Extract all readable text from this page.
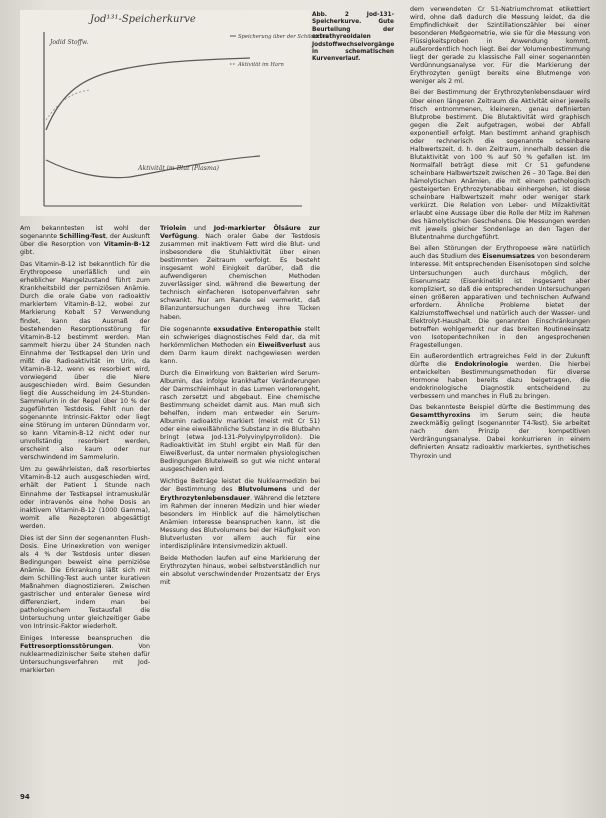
Jod¹³¹-Speicherkurve
Jodid Stoffw.
Speicherung über der Schilddrüse
Aktivität im Harn
Aktivität im Blut (Plasma)
Abb. 2 Jod-131-Speicherkurve. Gute Beurteilung der extrathyreoidalen Jodstoffwechselvorgänge in schematischen Kurvenverlauf.

Am bekanntesten ist wohl der sogenannte Schilling-Test, der Auskunft über die Resorption von Vitamin-B-12 gibt.

Das Vitamin-B-12 ist bekanntlich für die Erythropoese unerläßlich und ein erheblicher Mangelzustand führt zum Krankheitsbild der perniziösen Anämie. Durch die orale Gabe von radioaktiv markiertem Vitamin-B-12, wobei zur Markierung Kobalt 57 Verwendung findet, kann das Ausmaß der bestehenden Resorptionsstörung für Vitamin-B-12 bestimmt werden. Man sammelt hierzu über 24 Stunden nach Einnahme der Testkapsel den Urin und mißt die Radioaktivität im Urin, da Vitamin-B-12, wenn es resorbiert wird, vorwiegend über die Niere ausgeschieden wird. Beim Gesunden liegt die Ausscheidung im 24-Stunden-Sammelurin in der Regel über 10 % der zugeführten Testdosis. Fehlt nun der sogenannte Intrinsic-Faktor oder liegt eine Störung im unteren Dünndarm vor, so kann Vitamin-B-12 nicht oder nur unvollständig resorbiert werden, erscheint also kaum oder nur verschwindend im Sammelurin.

Um zu gewährleisten, daß resorbiertes Vitamin-B-12 auch ausgeschieden wird, erhält der Patient 1 Stunde nach Einnahme der Testkapsel intramuskulär oder intravenös eine hohe Dosis an inaktivem Vitamin-B-12 (1000 Gamma), womit alle Rezeptoren abgesättigt werden.

Dies ist der Sinn der sogenannten Flush-Dosis. Eine Urinexkretion von weniger als 4 % der Testdosis unter diesen Bedingungen beweist eine perniziöse Anämie. Die Erkrankung läßt sich mit dem Schilling-Test auch unter kurativen Maßnahmen diagnostizieren. Zwischen gastrischer und enteraler Genese wird differenziert, indem man bei pathologischem Testausfall die Untersuchung unter gleichzeitiger Gabe von Intrinsic-Faktor wiederholt.

Einiges Interesse beanspruchen die Fettresorptionsstörungen. Von nuklearmedizinischer Seite stehen dafür Untersuchungsverfahren mit Jod-markierten

Triolein und Jod-markierter Ölsäure zur Verfügung. Nach oraler Gabe der Testdosis zusammen mit inaktivem Fett wird die Blut- und insbesondere die Stuhlaktivität über einen bestimmten Zeitraum verfolgt. Es besteht insgesamt wohl Einigkeit darüber, daß die aufwendigeren chemischen Methoden zuverlässiger sind, während die Bewertung der technisch einfacheren Isotopenverfahren sehr schwankt. Nur am Rande sei vermerkt, daß Bilanzuntersuchungen durchweg ihre Tücken haben.

Die sogenannte exsudative Enteropathie stellt ein schwieriges diagnostisches Feld dar, da mit herkömmlichen Methoden ein Eiweißverlust aus dem Darm kaum direkt nachgewiesen werden kann.

Durch die Einwirkung von Bakterien wird Serum-Albumin, das infolge krankhafter Veränderungen der Darmschleimhaut in das Lumen verlorengeht, rasch zersetzt und abgebaut. Eine chemische Bestimmung scheidet damit aus. Man muß sich behelfen, indem man entweder ein Serum-Albumin radioaktiv markiert (meist mit Cr 51) oder eine eiweißähnliche Substanz in die Blutbahn bringt (etwa Jod-131-Polyvinylpyrrolidon). Die Radioaktivität im Stuhl ergibt ein Maß für den Eiweißverlust, da unter normalen physiologischen Bedingungen Bluteiweiß so gut wie nicht enteral ausgeschieden wird.

Wichtige Beiträge leistet die Nuklearmedizin bei der Bestimmung des Blutvolumens und der Erythrozytenlebensdauer. Während die letztere im Rahmen der inneren Medizin und hier wieder besonders im Hinblick auf die hämolytischen Anämien Interesse beanspruchen kann, ist die Messung des Blutvolumens bei der Häufigkeit von Blutverlusten vor allem auch für eine interdisziplinäre Intensivmedizin aktuell.

Beide Methoden laufen auf eine Markierung der Erythrozyten hinaus, wobei selbstverständlich nur ein absolut verschwindender Prozentsatz der Erys mit

dem verwendeten Cr 51-Natriumchromat etikettiert wird, ohne daß dadurch die Messung leidet, da die Empfindlichkeit der Szintillationszähler bei einer besonderen Meßgeometrie, wie sie für die Messung von Flüssigkeitsproben in Anwendung kommt, außerordentlich hoch liegt. Bei der Volumenbestimmung liegt der gerade zu klassische Fall einer sogenannten Verdünnungsanalyse vor. Für die Markierung der Erythrozyten genügt bereits eine Blutmenge von weniger als 2 ml.

Bei der Bestimmung der Erythrozytenlebensdauer wird über einen längeren Zeitraum die Aktivität einer jeweils frisch entnommenen, kleineren, genau definierten Blutprobe bestimmt. Die Blutaktivität wird graphisch gegen die Zeit aufgetragen, wobei der Abfall exponentiell erfolgt. Man bestimmt anhand graphisch oder rechnerisch die sogenannte scheinbare Halbwertszeit, d. h. den Zeitraum, innerhalb dessen die Blutaktivität von 100 % auf 50 % gefallen ist. Im Normalfall beträgt diese mit Cr 51 gefundene scheinbare Halbwertszeit zwischen 26 – 30 Tage. Bei den hämolytischen Anämien, die mit einem pathologisch gesteigerten Erythrozytenabbau einhergehen, ist diese scheinbare Halbwertszeit mehr oder weniger stark verkürzt. Die Relation von Leber- und Milzaktivität erlaubt eine Aussage über die Rolle der Milz im Rahmen des hämolytischen Geschehens. Die Messungen werden mit jeweils gleicher Sondenlage an den Tagen der Blutentnahme durchgeführt.

Bei allen Störungen der Erythropoese wäre natürlich auch das Studium des Eisenumsatzes von besonderem Interesse. Mit entsprechenden Eisenisotopen sind solche Untersuchungen auch durchaus möglich, der Eisenumsatz (Eisenkinetik) ist insgesamt aber kompliziert, so daß die entsprechenden Untersuchungen einen größeren apparativen und technischen Aufwand erfordern. Ähnliche Probleme bietet der Kalziumstoffwechsel und natürlich auch der Wasser- und Elektrolyt-Haushalt. Die genannten Einschränkungen betreffen wohlgemerkt nur das breiten Routineeinsatz von Isotopentechniken in den angesprochenen Fragestellungen.

Ein außerordentlich ertragreiches Feld in der Zukunft dürfte die Endokrinologie werden. Die hierbei entwickelten Bestimmungsmethoden für diverse Hormone haben bereits dazu beigetragen, die endokrinologische Diagnostik entscheidend zu verbessern und manches in Fluß zu bringen.

Das bekannteste Beispiel dürfte die Bestimmung des Gesamtthyroxins im Serum sein; die heute zweckmäßig gelingt (sogenannter T4-Test). Sie arbeitet nach dem Prinzip der kompetitiven Verdrängungsanalyse. Dabei konkurrieren in einem definierten Ansatz radioaktiv markiertes, synthetisches Thyroxin und

94
